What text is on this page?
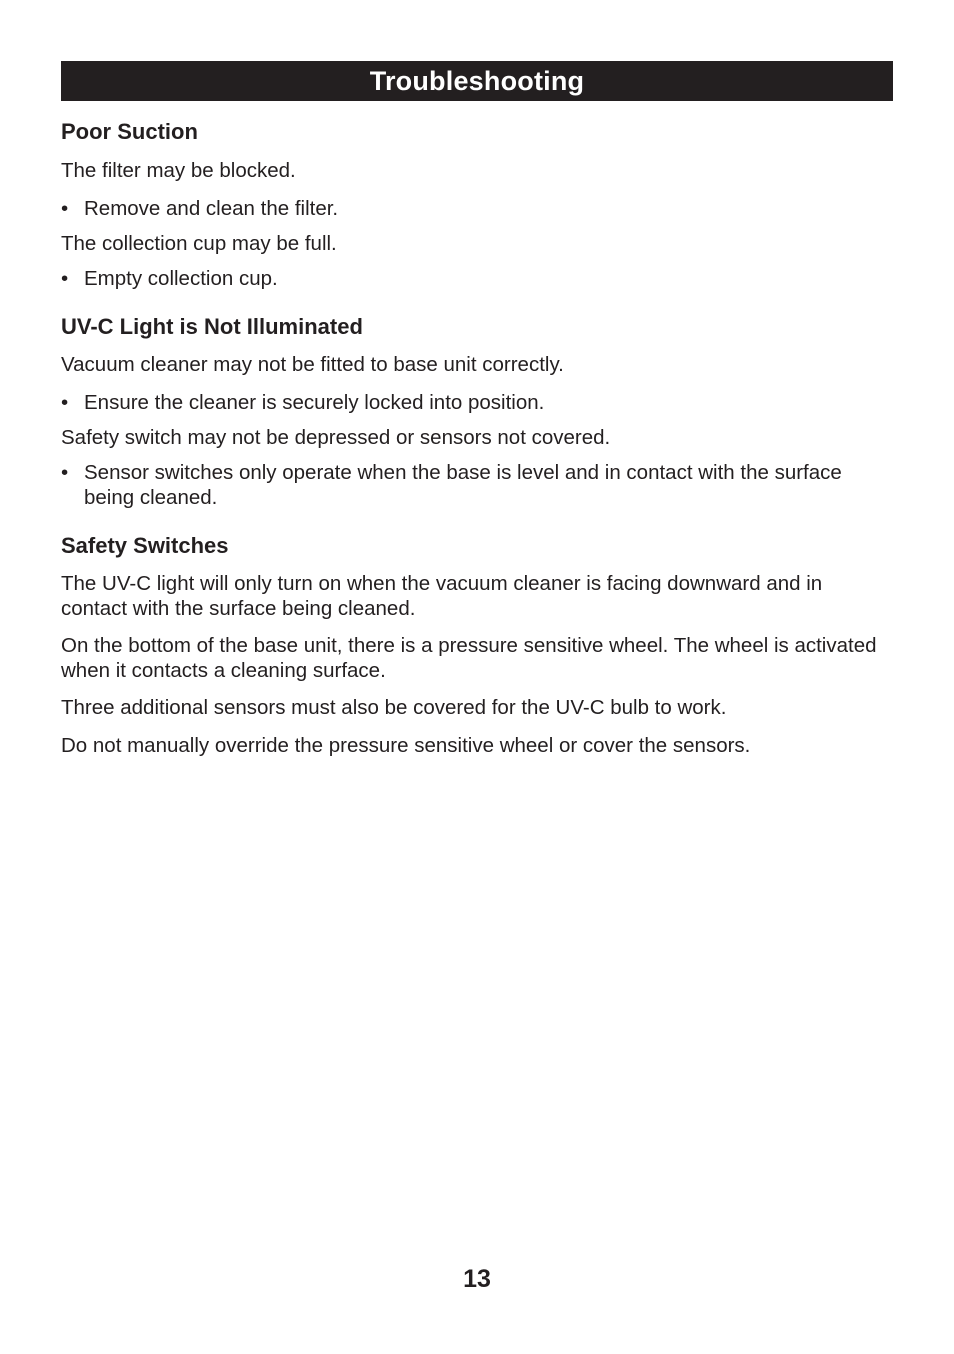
Troubleshooting
Poor Suction

The filter may be blocked.

• Remove and clean the filter.

The collection cup may be full.

• Empty collection cup.
UV-C Light is Not Illuminated

Vacuum cleaner may not be fitted to base unit correctly.

• Ensure the cleaner is securely locked into position.

Safety switch may not be depressed or sensors not covered.

• Sensor switches only operate when the base is level and in contact with the surface being cleaned.
Safety Switches

The UV-C light will only turn on when the vacuum cleaner is facing downward and in contact with the surface being cleaned.

On the bottom of the base unit, there is a pressure sensitive wheel. The wheel is activated when it contacts a cleaning surface.

Three additional sensors must also be covered for the UV-C bulb to work.

Do not manually override the pressure sensitive wheel or cover the sensors.

13
